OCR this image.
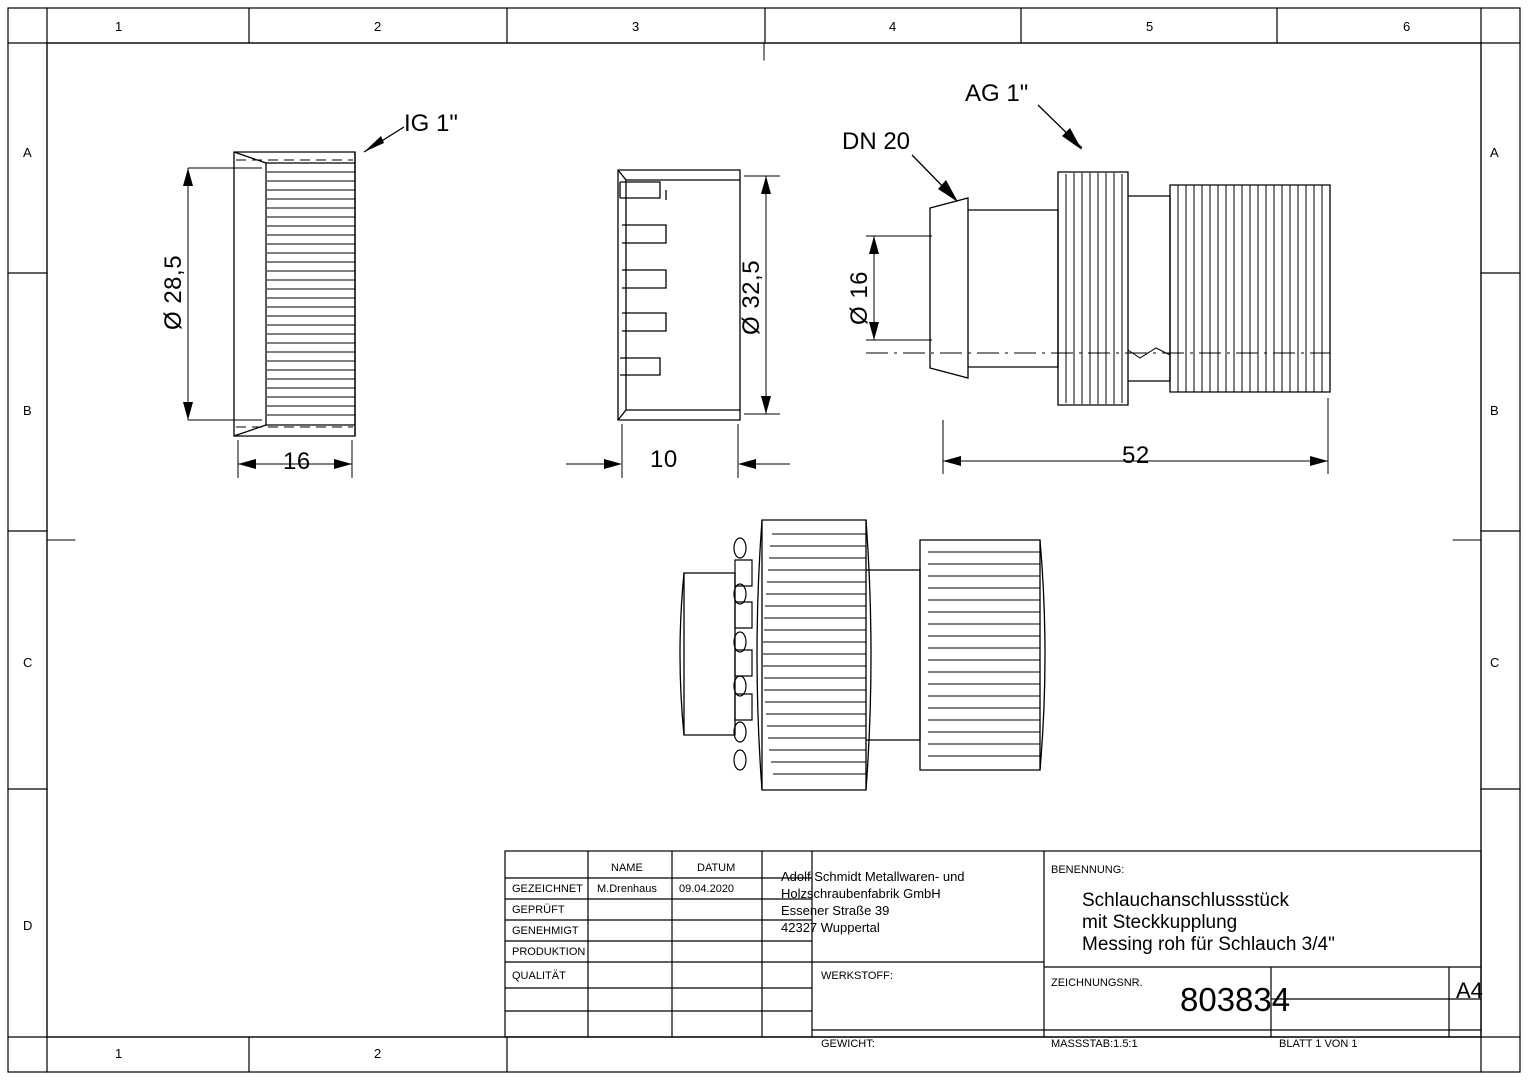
1	2	3	4	5	6
1	2
A
B
C
D
A
B
C
IG 1"
AG 1"
DN 20
Ø 28,5	Ø 32,5	Ø 16
16	10	52
NAME	DATUM
GEZEICHNET M.Drenhaus 09.04.2020
GEPRÜFT
GENEHMIGT
PRODUKTION
QUALITÄT
Adolf Schmidt Metallwaren- und
Holzschraubenfabrik GmbH
Essener Straße 39
42327 Wuppertal
WERKSTOFF:
GEWICHT:
BENENNUNG:
Schlauchanschlussstück
mit Steckkupplung
Messing roh für Schlauch 3/4"
ZEICHNUNGSNR. 803834	A4
MASSSTAB:1.5:1	BLATT 1 VON 1
